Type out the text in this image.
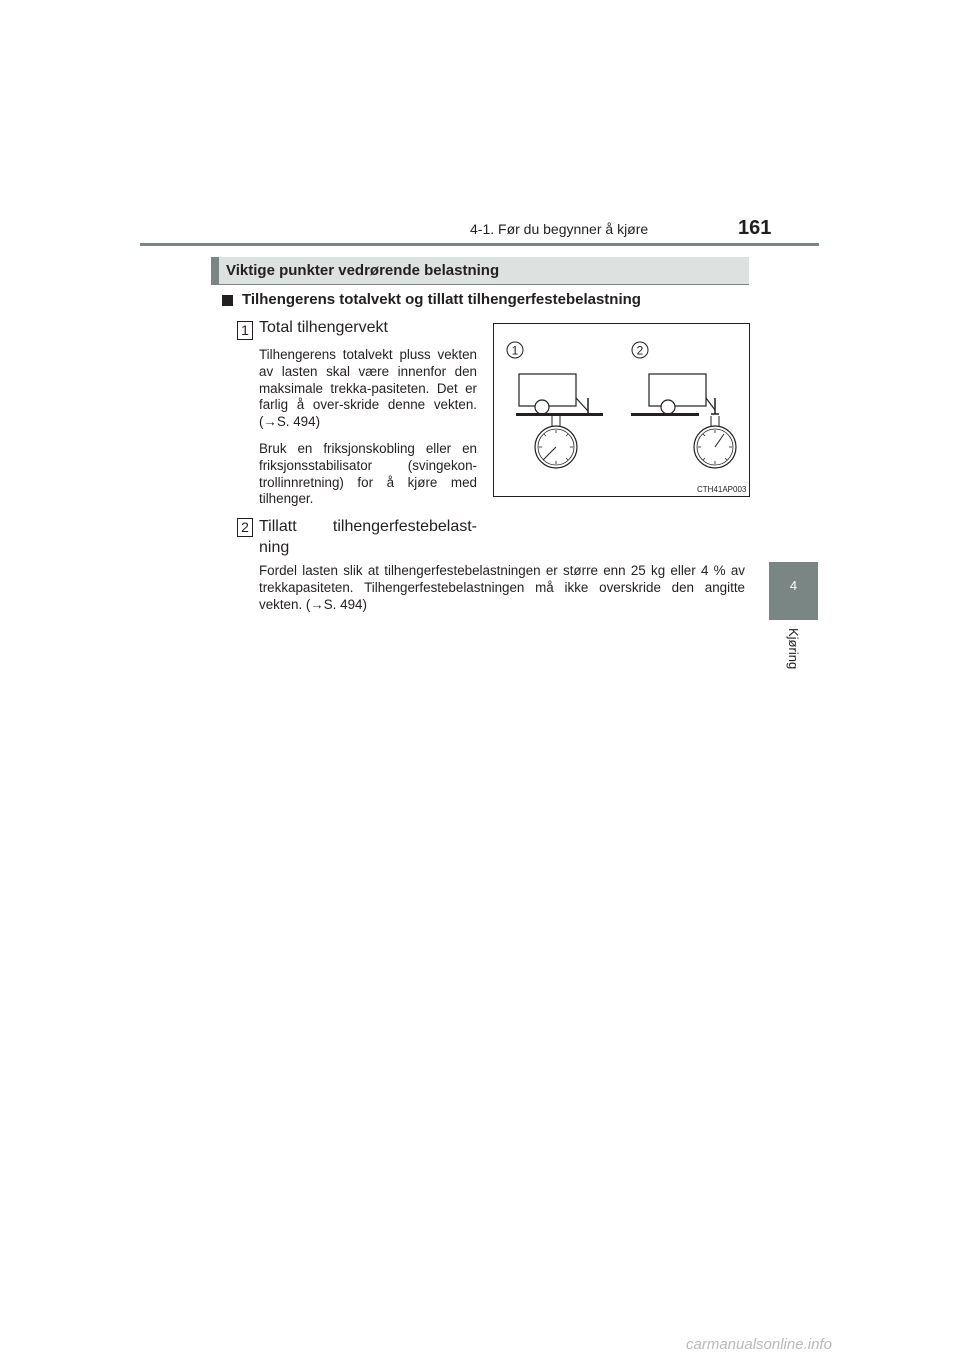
4-1. Før du begynner å kjøre	161
4
Kjøring
Viktige punkter vedrørende belastning
Tilhengerens totalvekt og tillatt tilhengerfestebelastning
1 Total tilhengervekt
Tilhengerens totalvekt pluss vekten av lasten skal være innenfor den maksimale trekka-pasiteten. Det er farlig å over-skride denne vekten. (→S. 494)
Bruk en friksjonskobling eller en friksjonsstabilisator (svingekon-trollinnretning) for å kjøre med tilhenger.
2 Tillatt tilhengerfestebelast-
ning
Fordel lasten slik at tilhengerfestebelastningen er større enn 25 kg eller 4 % av trekkapasiteten. Tilhengerfestebelastningen må ikke overskride den angitte vekten. (→S. 494)
1	2
CTH41AP003
carmanualsonline.info
